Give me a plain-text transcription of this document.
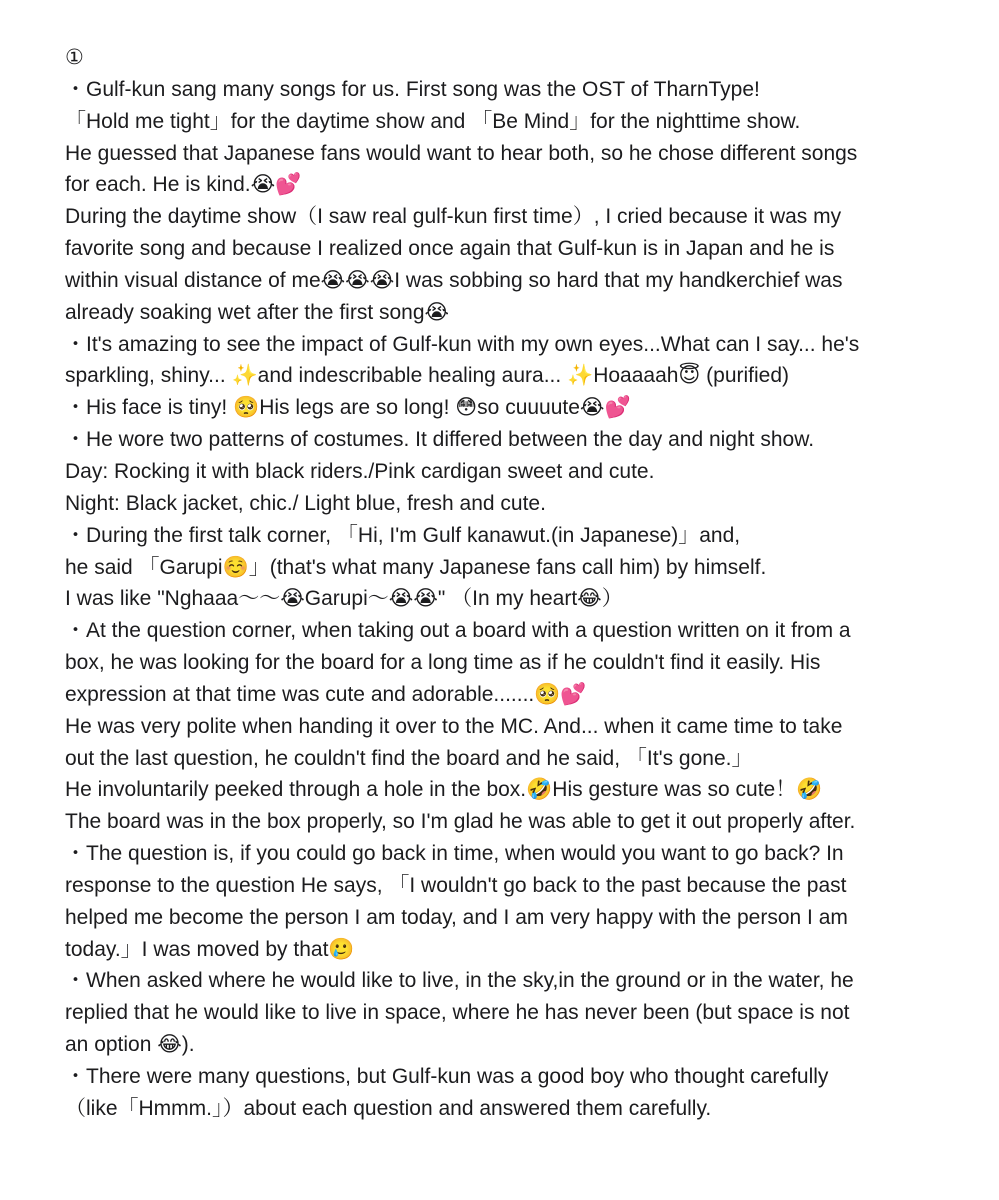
①
・Gulf-kun sang many songs for us. First song was the OST of TharnType!
「Hold me tight」for the daytime show and 「Be Mind」for the nighttime show.
He guessed that Japanese fans would want to hear both, so he chose different songs
for each. He is kind.😭💕
During the daytime show（I saw real gulf-kun first time）, I cried because it was my
favorite song and because I realized once again that Gulf-kun is in Japan and he is
within visual distance of me😭😭😭I was sobbing so hard that my handkerchief was
already soaking wet after the first song😭
・It's amazing to see the impact of Gulf-kun with my own eyes...What can I say... he's
sparkling, shiny... ✨and indescribable healing aura... ✨Hoaaaah😇 (purified)
・His face is tiny! 🥺His legs are so long! 😳so cuuuute😭💕
・He wore two patterns of costumes. It differed between the day and night show.
Day: Rocking it with black riders./Pink cardigan sweet and cute.
Night: Black jacket, chic./ Light blue, fresh and cute.
・During the first talk corner, 「Hi, I'm Gulf kanawut.(in Japanese)」and,
he said 「Garupi☺️」(that's what many Japanese fans call him) by himself.
I was like "Nghaaa〜〜😭Garupi〜😭😭" （In my heart😂）
・At the question corner, when taking out a board with a question written on it from a
box, he was looking for the board for a long time as if he couldn't find it easily. His
expression at that time was cute and adorable.......🥺💕
He was very polite when handing it over to the MC. And... when it came time to take
out the last question, he couldn't find the board and he said, 「It's gone.」
He involuntarily peeked through a hole in the box.🤣His gesture was so cute！🤣
The board was in the box properly, so I'm glad he was able to get it out properly after.
・The question is, if you could go back in time, when would you want to go back? In
response to the question He says, 「I wouldn't go back to the past because the past
helped me become the person I am today, and I am very happy with the person I am
today.」I was moved by that🥲
・When asked where he would like to live, in the sky,in the ground or in the water, he
replied that he would like to live in space, where he has never been (but space is not
an option 😂).
・There were many questions, but Gulf-kun was a good boy who thought carefully
（like「Hmmm.」）about each question and answered them carefully.
